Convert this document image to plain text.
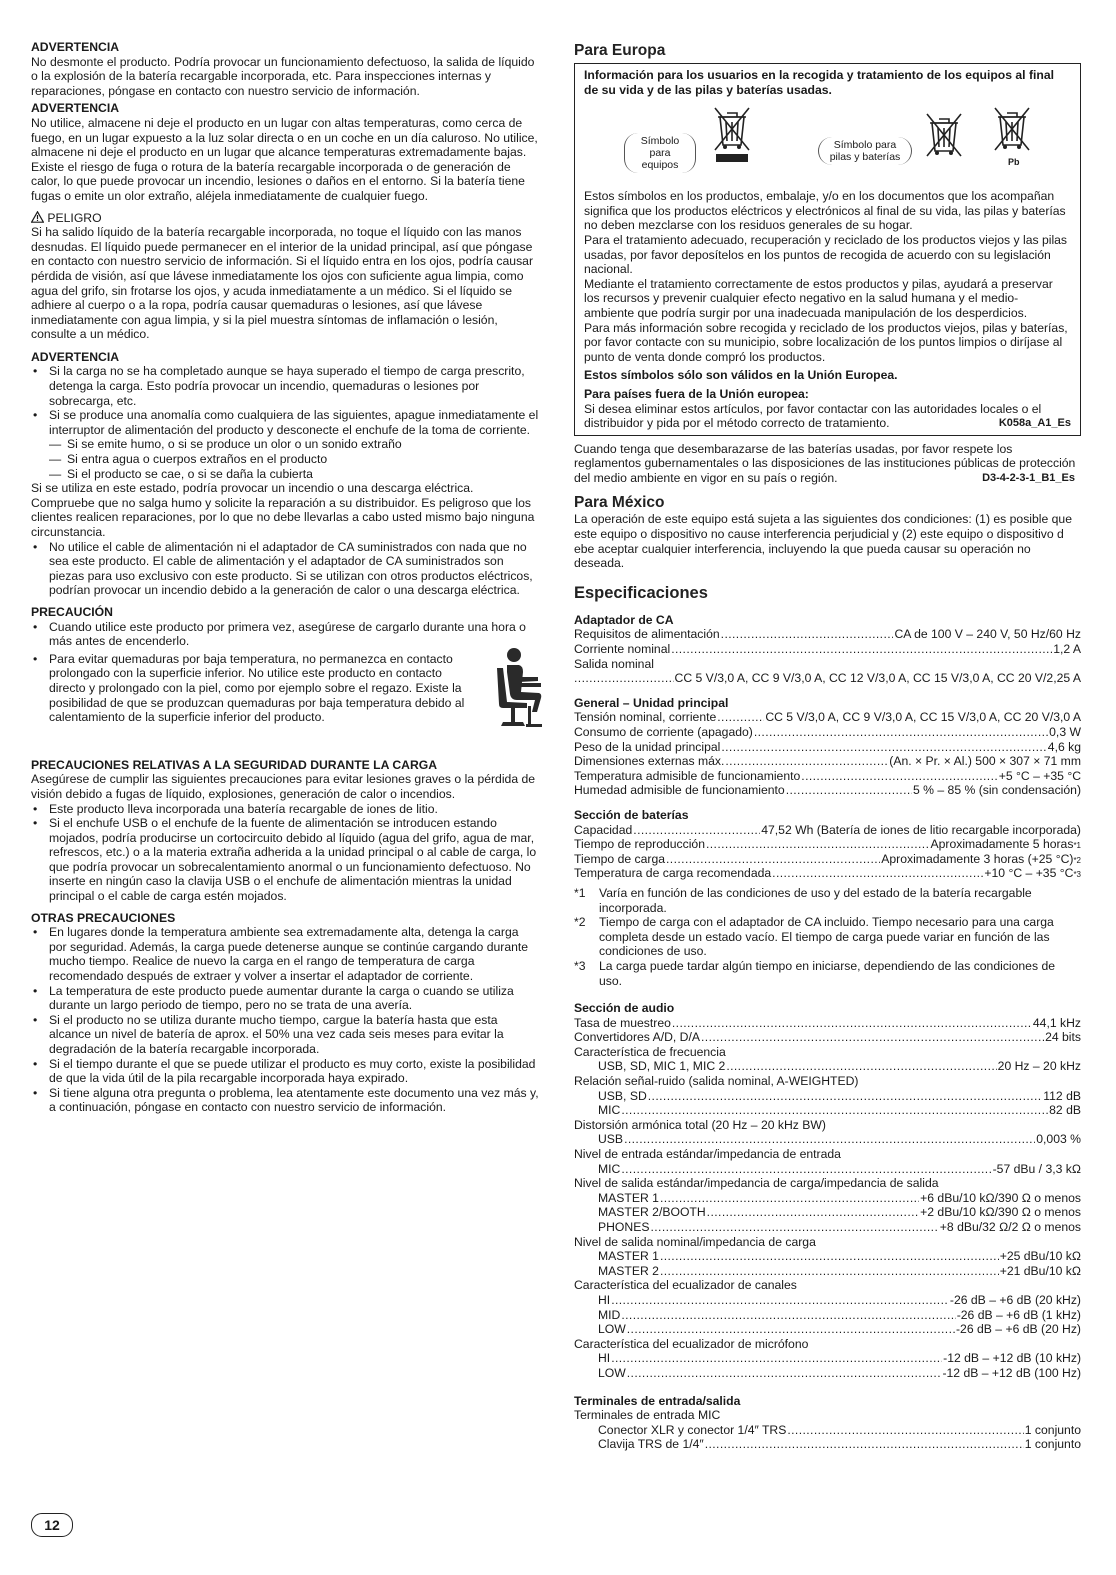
ADVERTENCIA

No desmonte el producto. Podría provocar un funcionamiento defectuoso, la salida de líquido o la explosión de la batería recargable incorporada, etc. Para inspecciones internas y reparaciones, póngase en contacto con nuestro servicio de información.

ADVERTENCIA

No utilice, almacene ni deje el producto en un lugar con altas temperaturas, como cerca de fuego, en un lugar expuesto a la luz solar directa o en un coche en un día caluroso. No utilice, almacene ni deje el producto en un lugar que alcance temperaturas extremadamente bajas. Existe el riesgo de fuga o rotura de la batería recargable incorporada o de generación de calor, lo que puede provocar un incendio, lesiones o daños en el entorno. Si la batería tiene fugas o emite un olor extraño, aléjela inmediatamente de cualquier fuego.

PELIGRO

Si ha salido líquido de la batería recargable incorporada, no toque el líquido con las manos desnudas. El líquido puede permanecer en el interior de la unidad principal, así que póngase en contacto con nuestro servicio de información. Si el líquido entra en los ojos, podría causar pérdida de visión, así que lávese inmediatamente los ojos con suficiente agua limpia, como agua del grifo, sin frotarse los ojos, y acuda inmediatamente a un médico. Si el líquido se adhiere al cuerpo o a la ropa, podría causar quemaduras o lesiones, así que lávese inmediatamente con agua limpia, y si la piel muestra síntomas de inflamación o lesión, consulte a un médico.

ADVERTENCIA

• Si la carga no se ha completado aunque se haya superado el tiempo de carga prescrito, detenga la carga. Esto podría provocar un incendio, quemaduras o lesiones por sobrecarga, etc.
• Si se produce una anomalía como cualquiera de las siguientes, apague inmediatamente el interruptor de alimentación del producto y desconecte el enchufe de la toma de corriente.
— Si se emite humo, o si se produce un olor o un sonido extraño
— Si entra agua o cuerpos extraños en el producto
— Si el producto se cae, o si se daña la cubierta

Si se utiliza en este estado, podría provocar un incendio o una descarga eléctrica. Compruebe que no salga humo y solicite la reparación a su distribuidor. Es peligroso que los clientes realicen reparaciones, por lo que no debe llevarlas a cabo usted mismo bajo ninguna circunstancia.

• No utilice el cable de alimentación ni el adaptador de CA suministrados con nada que no sea este producto. El cable de alimentación y el adaptador de CA suministrados son piezas para uso exclusivo con este producto. Si se utilizan con otros productos eléctricos, podrían provocar un incendio debido a la generación de calor o una descarga eléctrica.

PRECAUCIÓN

• Cuando utilice este producto por primera vez, asegúrese de cargarlo durante una hora o más antes de encenderlo.
• Para evitar quemaduras por baja temperatura, no permanezca en contacto prolongado con la superficie inferior. No utilice este producto en contacto directo y prolongado con la piel, como por ejemplo sobre el regazo. Existe la posibilidad de que se produzcan quemaduras por baja temperatura debido al calentamiento de la superficie inferior del producto.

PRECAUCIONES RELATIVAS A LA SEGURIDAD DURANTE LA CARGA

Asegúrese de cumplir las siguientes precauciones para evitar lesiones graves o la pérdida de visión debido a fugas de líquido, explosiones, generación de calor o incendios.

• Este producto lleva incorporada una batería recargable de iones de litio.
• Si el enchufe USB o el enchufe de la fuente de alimentación se introducen estando mojados, podría producirse un cortocircuito debido al líquido (agua del grifo, agua de mar, refrescos, etc.) o a la materia extraña adherida a la unidad principal o al cable de carga, lo que podría provocar un sobrecalentamiento anormal o un funcionamiento defectuoso. No inserte en ningún caso la clavija USB o el enchufe de alimentación mientras la unidad principal o el cable de carga estén mojados.

OTRAS PRECAUCIONES

• En lugares donde la temperatura ambiente sea extremadamente alta, detenga la carga por seguridad. Además, la carga puede detenerse aunque se continúe cargando durante mucho tiempo. Realice de nuevo la carga en el rango de temperatura de carga recomendado después de extraer y volver a insertar el adaptador de corriente.
• La temperatura de este producto puede aumentar durante la carga o cuando se utiliza durante un largo periodo de tiempo, pero no se trata de una avería.
• Si el producto no se utiliza durante mucho tiempo, cargue la batería hasta que esta alcance un nivel de batería de aprox. el 50% una vez cada seis meses para evitar la degradación de la batería recargable incorporada.
• Si el tiempo durante el que se puede utilizar el producto es muy corto, existe la posibilidad de que la vida útil de la pila recargable incorporada haya expirado.
• Si tiene alguna otra pregunta o problema, lea atentamente este documento una vez más y, a continuación, póngase en contacto con nuestro servicio de información.

Para Europa

Información para los usuarios en la recogida y tratamiento de los equipos al final de su vida y de las pilas y baterías usadas.

Símbolo para equipos
Símbolo para pilas y baterías	Pb

Estos símbolos en los productos, embalaje, y/o en los documentos que los acompañan significa que los productos eléctricos y electrónicos al final de su vida, las pilas y baterías no deben mezclarse con los residuos generales de su hogar.

Para el tratamiento adecuado, recuperación y reciclado de los productos viejos y las pilas usadas, por favor deposítelos en los puntos de recogida de acuerdo con su legislación nacional.

Mediante el tratamiento correctamente de estos productos y pilas, ayudará a preservar los recursos y prevenir cualquier efecto negativo en la salud humana y el medio- ambiente que podría surgir por una inadecuada manipulación de los desperdicios.

Para más información sobre recogida y reciclado de los productos viejos, pilas y baterías, por favor contacte con su municipio, sobre localización de los puntos limpios o diríjase al punto de venta donde compró los productos.

Estos símbolos sólo son válidos en la Unión Europea.

Para países fuera de la Unión europea:

Si desea eliminar estos artículos, por favor contactar con las autoridades locales o el distribuidor y pida por el método correcto de tratamiento.	K058a_A1_Es

Cuando tenga que desembarazarse de las baterías usadas, por favor respete los reglamentos gubernamentales o las disposiciones de las instituciones públicas de protección del medio ambiente en vigor en su país o región.	D3-4-2-3-1_B1_Es

Para México

La operación de este equipo está sujeta a las siguientes dos condiciones: (1) es posible que este equipo o dispositivo no cause interferencia perjudicial y (2) este equipo o dispositivo d ebe aceptar cualquier interferencia, incluyendo la que pueda causar su operación no deseada.

Especificaciones

Adaptador de CA

Requisitos de alimentación .....	CA de 100 V – 240 V, 50 Hz/60 Hz
Corriente nominal .....	1,2 A

Salida nominal

.....
CC 5 V/3,0 A, CC 9 V/3,0 A, CC 12 V/3,0 A, CC 15 V/3,0 A, CC 20 V/2,25 A

General – Unidad principal

Tensión nominal, corriente .....	CC 5 V/3,0 A, CC 9 V/3,0 A, CC 15 V/3,0 A, CC 20 V/3,0 A
Consumo de corriente (apagado) .....	0,3 W
Peso de la unidad principal .....	4,6 kg
Dimensiones externas máx. .....	(An. × Pr. × Al.) 500 × 307 × 71 mm
Temperatura admisible de funcionamiento .....	+5 °C – +35 °C
Humedad admisible de funcionamiento .....	5 % – 85 % (sin condensación)

Sección de baterías

Capacidad .....	47,52 Wh (Batería de iones de litio recargable incorporada)
Tiempo de reproducción .....	Aproximadamente 5 horas *1
Tiempo de carga .....	Aproximadamente 3 horas (+25 °C) *2
Temperatura de carga recomendada .....	+10 °C – +35 °C *3
*1	Varía en función de las condiciones de uso y del estado de la batería recargable incorporada.
*2	Tiempo de carga con el adaptador de CA incluido. Tiempo necesario para una carga completa desde un estado vacío. El tiempo de carga puede variar en función de las condiciones de uso.
*3	La carga puede tardar algún tiempo en iniciarse, dependiendo de las condiciones de uso.

Sección de audio

Tasa de muestreo .....	44,1 kHz
Convertidores A/D, D/A .....	24 bits

Característica de frecuencia

USB, SD, MIC 1, MIC 2 .....	20 Hz – 20 kHz

Relación señal-ruido (salida nominal, A-WEIGHTED)

USB, SD .....	112 dB
MIC .....	82 dB

Distorsión armónica total (20 Hz – 20 kHz BW)

USB .....	0,003 %

Nivel de entrada estándar/impedancia de entrada

MIC .....	-57 dBu / 3,3 kΩ

Nivel de salida estándar/impedancia de carga/impedancia de salida

MASTER 1 .....	+6 dBu/10 kΩ/390 Ω o menos
MASTER 2/BOOTH .....	+2 dBu/10 kΩ/390 Ω o menos
PHONES .....	+8 dBu/32 Ω/2 Ω o menos

Nivel de salida nominal/impedancia de carga

MASTER 1 .....	+25 dBu/10 kΩ
MASTER 2 .....	+21 dBu/10 kΩ

Característica del ecualizador de canales

HI .....	-26 dB – +6 dB (20 kHz)
MID .....	-26 dB – +6 dB (1 kHz)
LOW .....	-26 dB – +6 dB (20 Hz)

Característica del ecualizador de micrófono

HI .....	-12 dB – +12 dB (10 kHz)
LOW .....	-12 dB – +12 dB (100 Hz)

Terminales de entrada/salida

Terminales de entrada MIC

Conector XLR y conector 1/4″ TRS .....	1 conjunto
Clavija TRS de 1/4″ .....	1 conjunto
12
